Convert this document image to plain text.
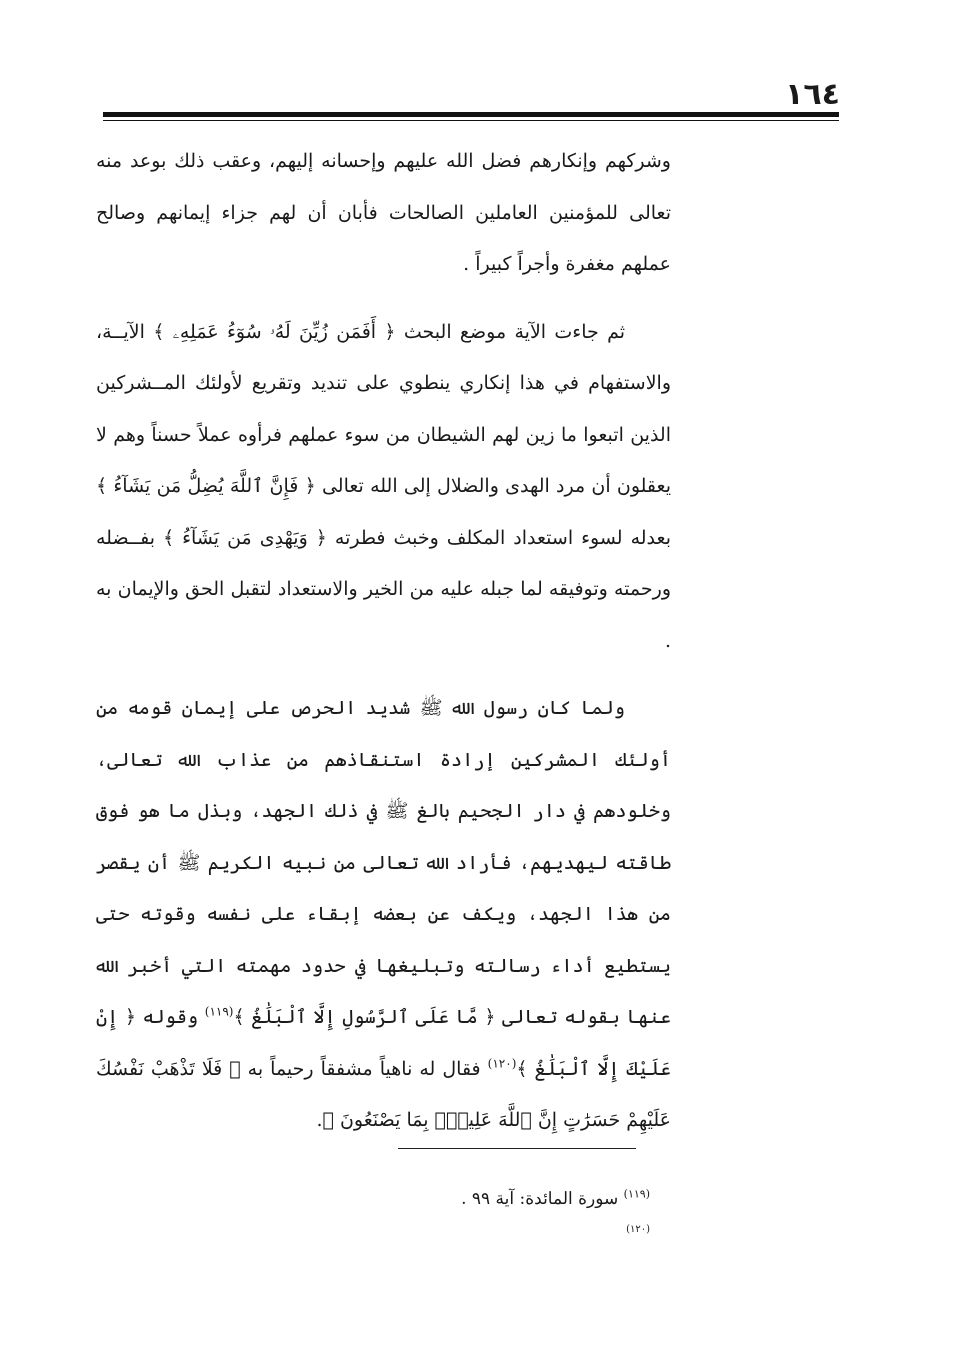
١٦٤

وشركهم وإنكارهم فضل الله عليهم وإحسانه إليهم، وعقب ذلك بوعد منه تعالى للمؤمنين العاملين الصالحات فأبان أن لهم جزاء إيمانهم وصالح عملهم مغفرة وأجراً كبيراً .

ثم جاءت الآية موضع البحث ﴿ أَفَمَن زُيِّنَ لَهُۥ سُوٓءُ عَمَلِهِۦ ﴾ الآيــة، والاستفهام في هذا إنكاري ينطوي على تنديد وتقريع لأولئك المــشركين الذين اتبعوا ما زين لهم الشيطان من سوء عملهم فرأوه عملاً حسناً وهم لا يعقلون أن مرد الهدى والضلال إلى الله تعالى ﴿ فَإِنَّ ٱللَّهَ يُضِلُّ مَن يَشَآءُ ﴾ بعدله لسوء استعداد المكلف وخبث فطرته ﴿ وَيَهْدِى مَن يَشَآءُ ﴾ بفــضله ورحمته وتوفيقه لما جبله عليه من الخير والاستعداد لتقبل الحق والإيمان به .

ولما كان رسول الله ﷺ شديد الحرص على إيمان قومه من أولئك المشركين إرادة استنقاذهم من عذاب الله تعالى، وخلودهم في دار الجحيم بالغ ﷺ في ذلك الجهد، وبذل ما هو فوق طاقته ليهديهم، فأراد الله تعالى من نبيه الكريم ﷺ أن يقصر من هذا الجهد، ويكف عن بعضه إبقاء على نفسه وقوته حتى يستطيع أداء رسالته وتبليغها في حدود مهمته التي أخبر الله عنها بقوله تعالى ﴿ مَّا عَلَى ٱلرَّسُولِ إِلَّا ٱلْبَلَٰغُ ﴾$^{(١١٩)}$ وقوله ﴿ إِنْ عَلَيْكَ إِلَّا ٱلْبَلَٰغُ ﴾$^{(١٢٠)}$ فقال له ناهياً مشفقاً رحيماً به ﴿ فَلَا تَذْهَبْ نَفْسُكَ عَلَيْهِمْ حَسَرَٰتٍ إِنَّ ٱللَّهَ عَلِيمٌۢ بِمَا يَصْنَعُونَ ﴾.

$^{(١١٩)}$ سورة المائدة: آية ٩٩ .

(١٢٠)
